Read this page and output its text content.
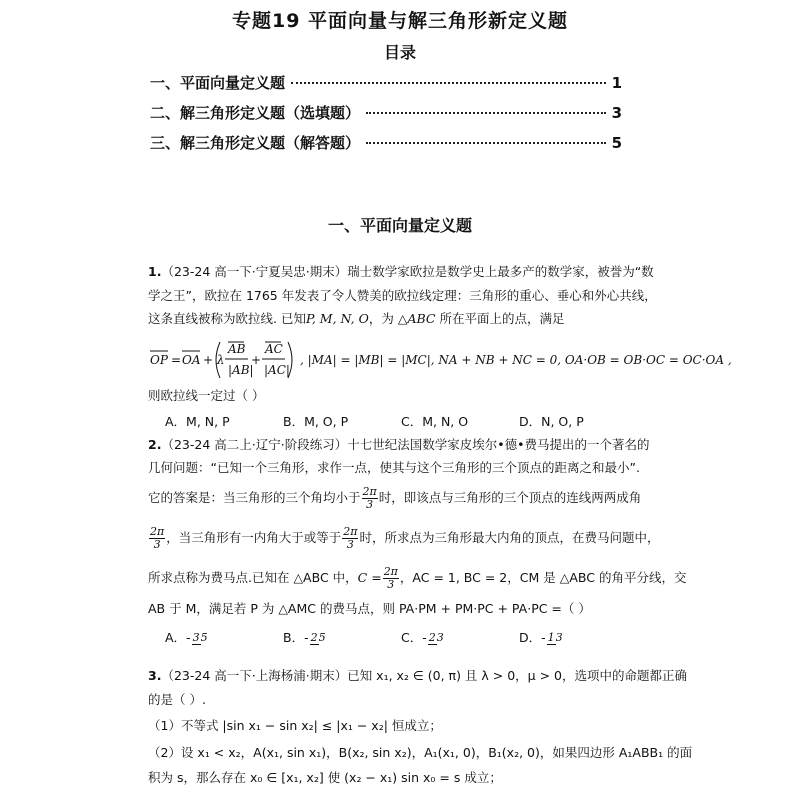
专题19 平面向量与解三角形新定义题
目录
一、平面向量定义题	1
二、解三角形定义题（选填题）	3
三、解三角形定义题（解答题）	5
一、平面向量定义题
1.（23-24 高一下·宁夏吴忠·期末）瑞士数学家欧拉是数学史上最多产的数学家，被誉为“数
学之王”，欧拉在 1765 年发表了令人赞美的欧拉线定理：三角形的重心、垂心和外心共线，
这条直线被称为欧拉线. 已知P, M, N, O，为 △ABC 所在平面上的点，满足
OP = OA + λ
AB
|AB|
+
AC
|AC|
, |MA| = |MB| = |MC|, NA + NB + NC = 0, OA·OB = OB·OC = OC·OA ,
则欧拉线一定过（ ）
A．M, N, P	B．M, O, P	C．M, N, O	D．N, O, P
2.（23-24 高二上·辽宁·阶段练习）十七世纪法国数学家皮埃尔•德•费马提出的一个著名的
几何问题：“已知一个三角形，求作一点，使其与这个三角形的三个顶点的距离之和最小”.
它的答案是：当三角形的三个角均小于 $\frac{2\pi}{3}$ 时，即该点与三角形的三个顶点的连线两两成角
$\frac{2\pi}{3}$ ，当三角形有一内角大于或等于 $\frac{2\pi}{3}$ 时，所求点为三角形最大内角的顶点，在费马问题中，
所求点称为费马点.已知在 △ABC 中，$C = \frac{2\pi}{3}$ ，AC = 1, BC = 2，CM 是 △ABC 的角平分线，交
AB 于 M，满足若 P 为 △AMC 的费马点，则 PA·PM + PM·PC + PA·PC =（ ）
A．- 35	B．- 25	C．- 23	D．- 13
3.（23-24 高一下·上海杨浦·期末）已知 x₁, x₂ ∈ (0, π) 且 λ > 0，μ > 0，选项中的命题都正确
的是（ ）.
（1）不等式 |sin x₁ − sin x₂| ≤ |x₁ − x₂| 恒成立；
（2）设 x₁ < x₂，A(x₁, sin x₁)，B(x₂, sin x₂)，A₁(x₁, 0)，B₁(x₂, 0)，如果四边形 A₁ABB₁ 的面
积为 s，那么存在 x₀ ∈ [x₁, x₂] 使 (x₂ − x₁) sin x₀ = s 成立；
